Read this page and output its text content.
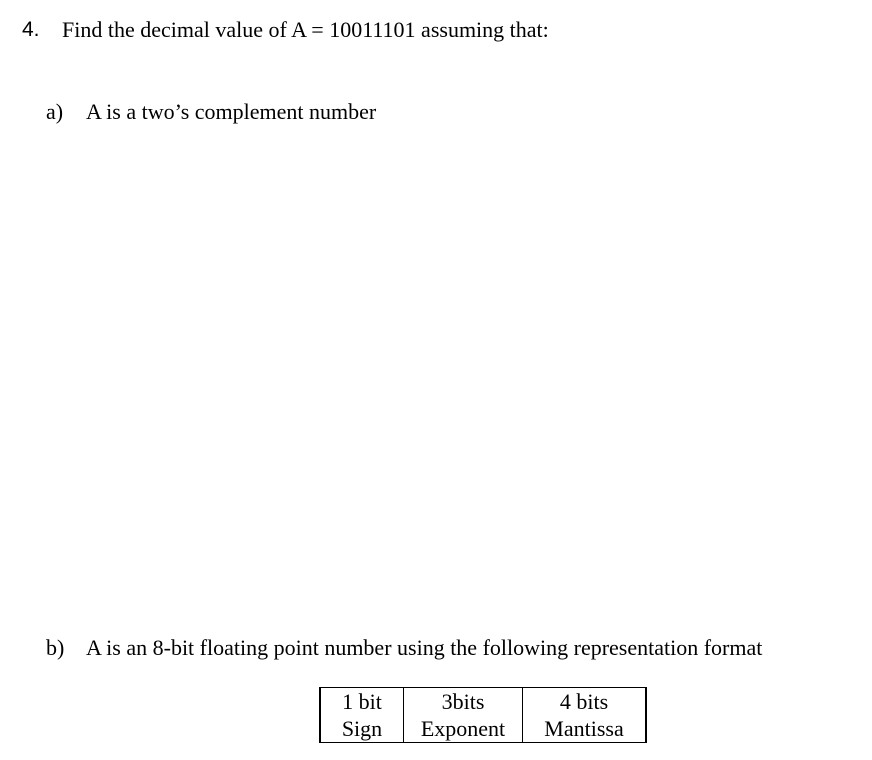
4. Find the decimal value of A = 10011101 assuming that:
a) A is a two’s complement number
b) A is an 8-bit floating point number using the following representation format
1 bit	3bits	4 bits
Sign	Exponent	Mantissa
